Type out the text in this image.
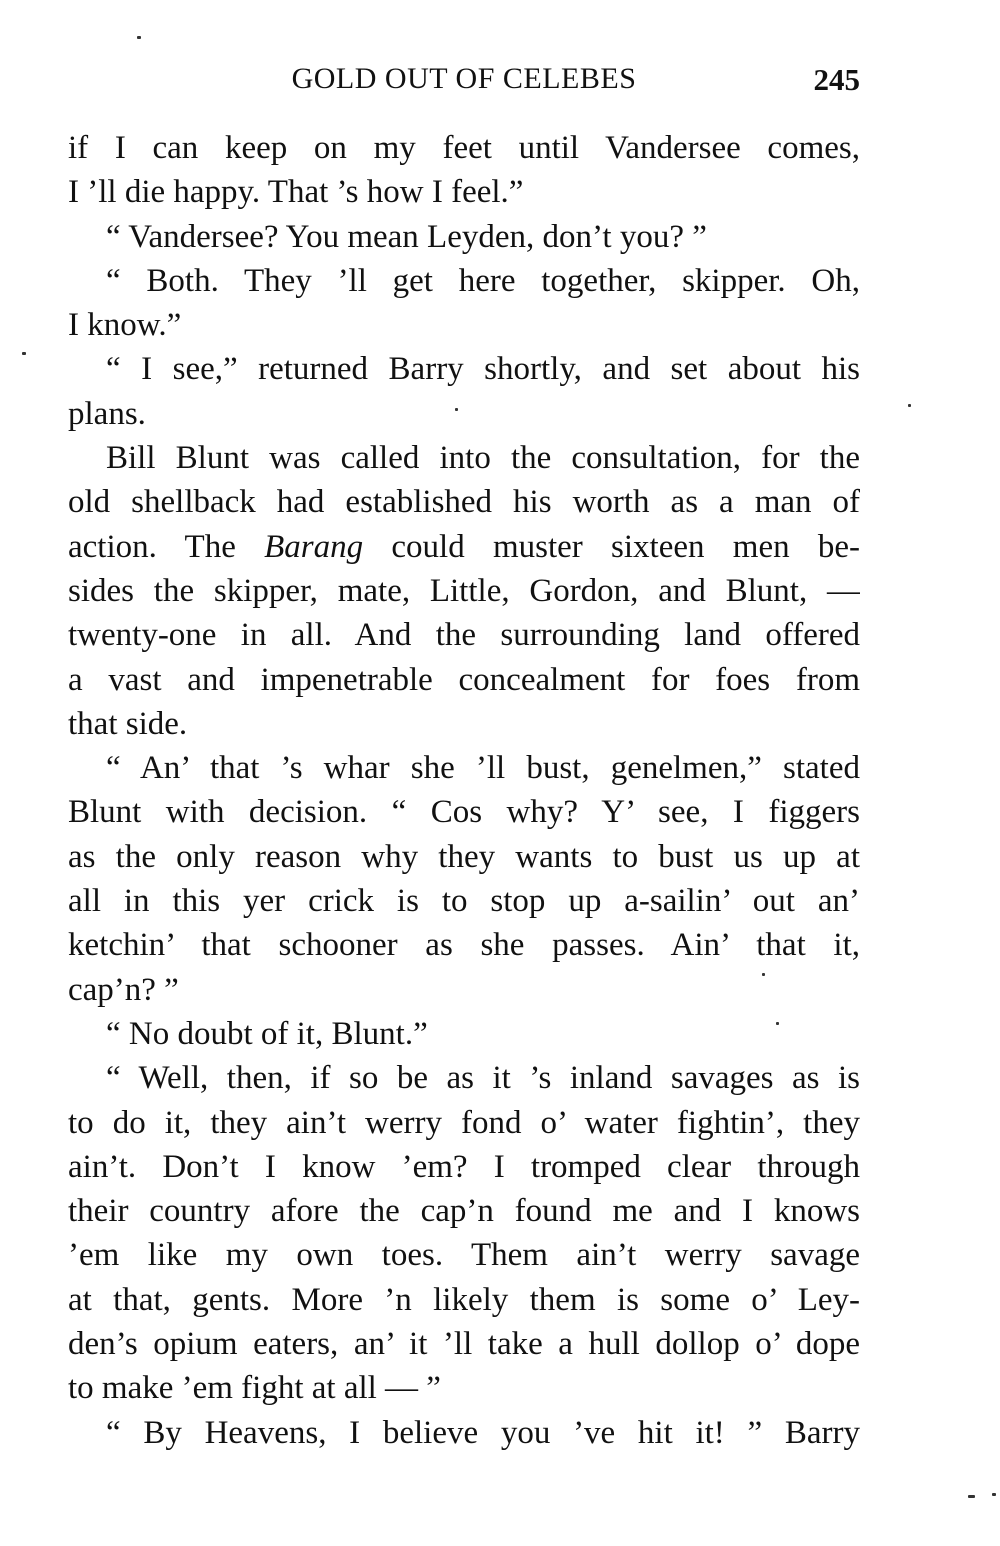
GOLD OUT OF CELEBES	245
if I can keep on my feet until Vandersee comes,
I ’ll die happy. That ’s how I feel.”
“ Vandersee? You mean Leyden, don’t you? ”
“ Both. They ’ll get here together, skipper. Oh,
I know.”
“ I see,” returned Barry shortly, and set about his
plans.
Bill Blunt was called into the consultation, for the
old shellback had established his worth as a man of
action. The Barang could muster sixteen men be-
sides the skipper, mate, Little, Gordon, and Blunt, —
twenty-one in all. And the surrounding land offered
a vast and impenetrable concealment for foes from
that side.
“ An’ that ’s whar she ’ll bust, genelmen,” stated
Blunt with decision. “ Cos why? Y’ see, I figgers
as the only reason why they wants to bust us up at
all in this yer crick is to stop up a-sailin’ out an’
ketchin’ that schooner as she passes. Ain’ that it,
cap’n? ”
“ No doubt of it, Blunt.”
“ Well, then, if so be as it ’s inland savages as is
to do it, they ain’t werry fond o’ water fightin’, they
ain’t. Don’t I know ’em? I tromped clear through
their country afore the cap’n found me and I knows
’em like my own toes. Them ain’t werry savage
at that, gents. More ’n likely them is some o’ Ley-
den’s opium eaters, an’ it ’ll take a hull dollop o’ dope
to make ’em fight at all — ”
“ By Heavens, I believe you ’ve hit it! ” Barry
